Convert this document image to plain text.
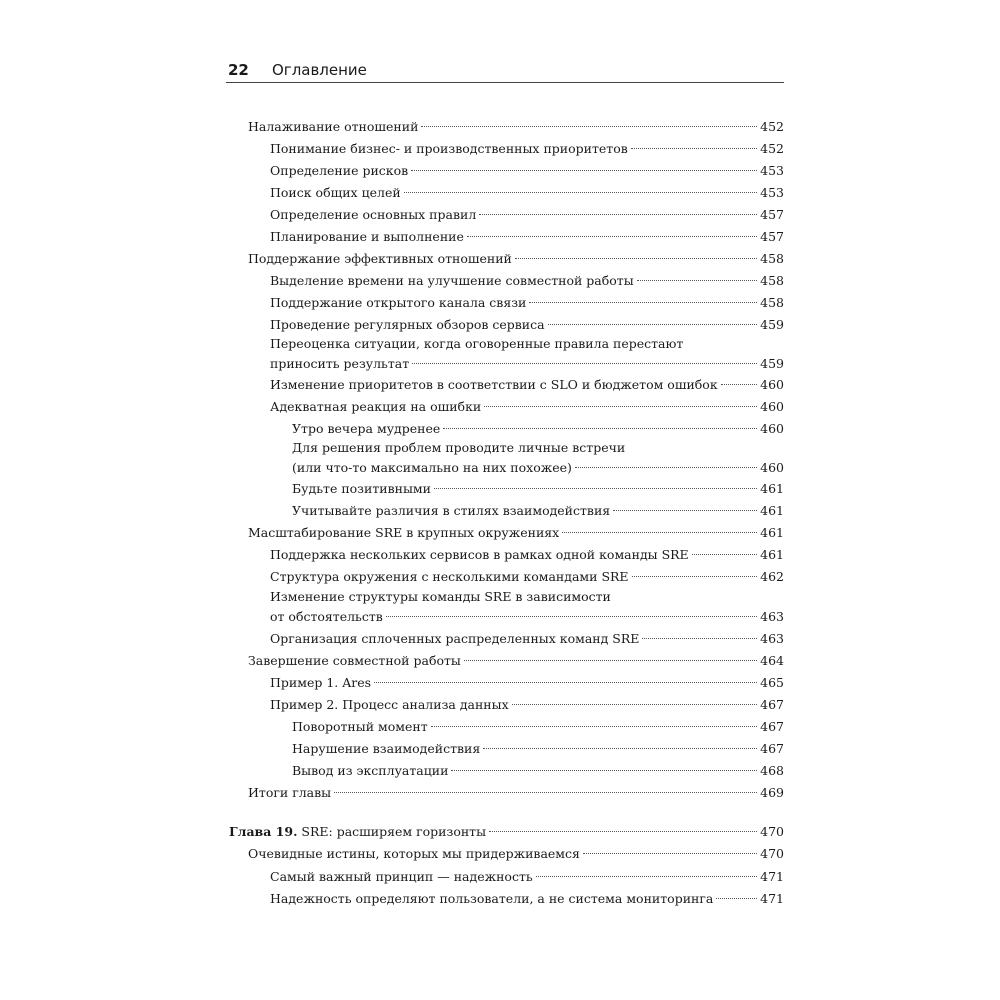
22 Оглавление
Налаживание отношений	452
Понимание бизнес- и производственных приоритетов	452
Определение рисков	453
Поиск общих целей	453
Определение основных правил	457
Планирование и выполнение	457
Поддержание эффективных отношений	458
Выделение времени на улучшение совместной работы	458
Поддержание открытого канала связи	458
Проведение регулярных обзоров сервиса	459
Переоценка ситуации, когда оговоренные правила перестают
приносить результат	459
Изменение приоритетов в соответствии с SLO и бюджетом ошибок	460
Адекватная реакция на ошибки	460
Утро вечера мудренее	460
Для решения проблем проводите личные встречи
(или что-то максимально на них похожее)	460
Будьте позитивными	461
Учитывайте различия в стилях взаимодействия	461
Масштабирование SRE в крупных окружениях	461
Поддержка нескольких сервисов в рамках одной команды SRE	461
Структура окружения с несколькими командами SRE	462
Изменение структуры команды SRE в зависимости
от обстоятельств	463
Организация сплоченных распределенных команд SRE	463
Завершение совместной работы	464
Пример 1. Ares	465
Пример 2. Процесс анализа данных	467
Поворотный момент	467
Нарушение взаимодействия	467
Вывод из эксплуатации	468
Итоги главы	469
Глава 19. SRE: расширяем горизонты	470
Очевидные истины, которых мы придерживаемся	470
Самый важный принцип — надежность	471
Надежность определяют пользователи, а не система мониторинга	471
